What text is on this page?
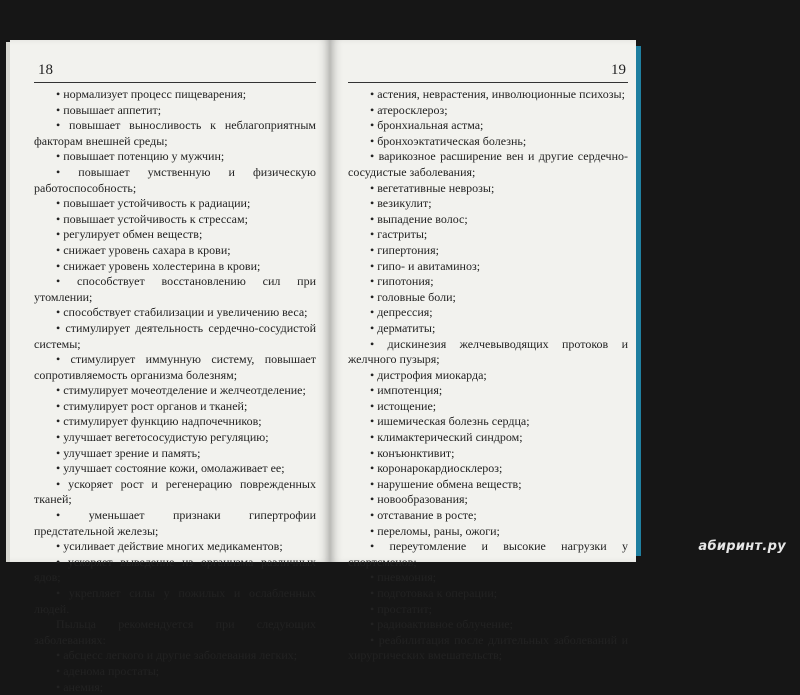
18
• нормализует процесс пищеварения;
• повышает аппетит;
• повышает выносливость к неблагоприятным факторам внешней среды;
• повышает потенцию у мужчин;
• повышает умственную и физическую работоспособность;
• повышает устойчивость к радиации;
• повышает устойчивость к стрессам;
• регулирует обмен веществ;
• снижает уровень сахара в крови;
• снижает уровень холестерина в крови;
• способствует восстановлению сил при утомлении;
• способствует стабилизации и увеличению веса;
• стимулирует деятельность сердечно-сосудистой системы;
• стимулирует иммунную систему, повышает сопротивляемость организма болезням;
• стимулирует мочеотделение и желчеотделение;
• стимулирует рост органов и тканей;
• стимулирует функцию надпочечников;
• улучшает вегетососудистую регуляцию;
• улучшает зрение и память;
• улучшает состояние кожи, омолаживает ее;
• ускоряет рост и регенерацию поврежденных тканей;
• уменьшает признаки гипертрофии предстательной железы;
• усиливает действие многих медикаментов;
• ускоряет выведение из организма различных ядов;
• укрепляет силы у пожилых и ослабленных людей.
Пыльца рекомендуется при следующих заболеваниях:
• абсцесс легкого и другие заболевания легких;
• аденома простаты;
• анемия;
19
• астения, неврастения, инволюционные психозы;
• атеросклероз;
• бронхиальная астма;
• бронхоэктатическая болезнь;
• варикозное расширение вен и другие сердечно-сосудистые заболевания;
• вегетативные неврозы;
• везикулит;
• выпадение волос;
• гастриты;
• гипертония;
• гипо- и авитаминоз;
• гипотония;
• головные боли;
• депрессия;
• дерматиты;
• дискинезия желчевыводящих протоков и желчного пузыря;
• дистрофия миокарда;
• импотенция;
• истощение;
• ишемическая болезнь сердца;
• климактерический синдром;
• конъюнктивит;
• коронарокардиосклероз;
• нарушение обмена веществ;
• новообразования;
• отставание в росте;
• переломы, раны, ожоги;
• переутомление и высокие нагрузки у спортсменов;
• пневмония;
• подготовка к операции;
• простатит;
• радиоактивное облучение;
• реабилитация после длительных заболеваний и хирургических вмешательств;
абиринт.ру
